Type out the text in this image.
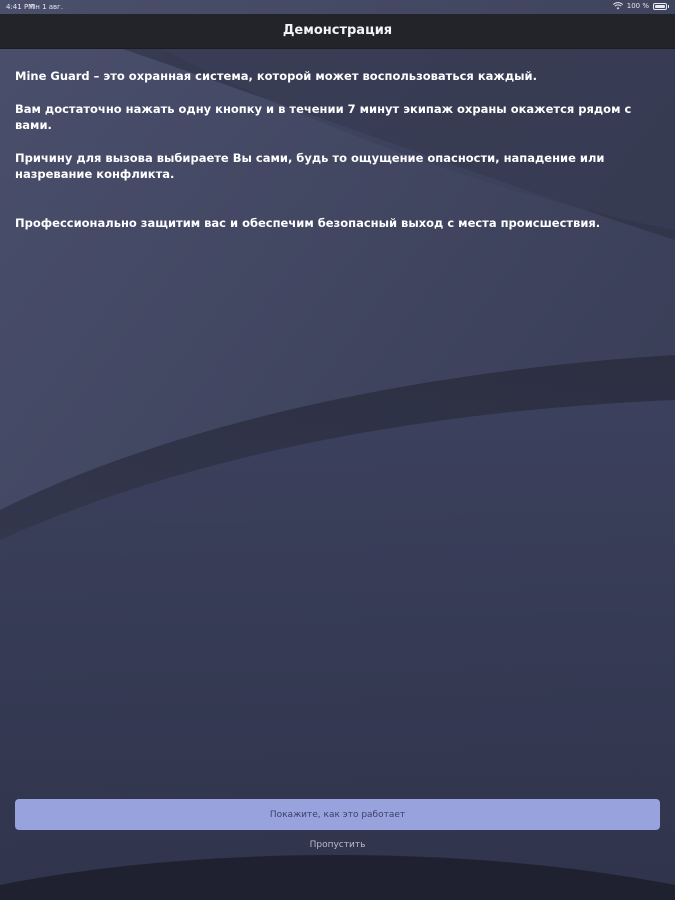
4:41 PM
Пн 1 авг.	100 %
Демонстрация

Mine Guard – это охранная система, которой может воспользоваться каждый.

Вам достаточно нажать одну кнопку и в течении 7 минут экипаж охраны окажется рядом с вами.

Причину для вызова выбираете Вы сами, будь то ощущение опасности, нападение или назревание конфликта.

Профессионально защитим вас и обеспечим безопасный выход с места происшествия.

Покажите, как это работает
Пропустить
